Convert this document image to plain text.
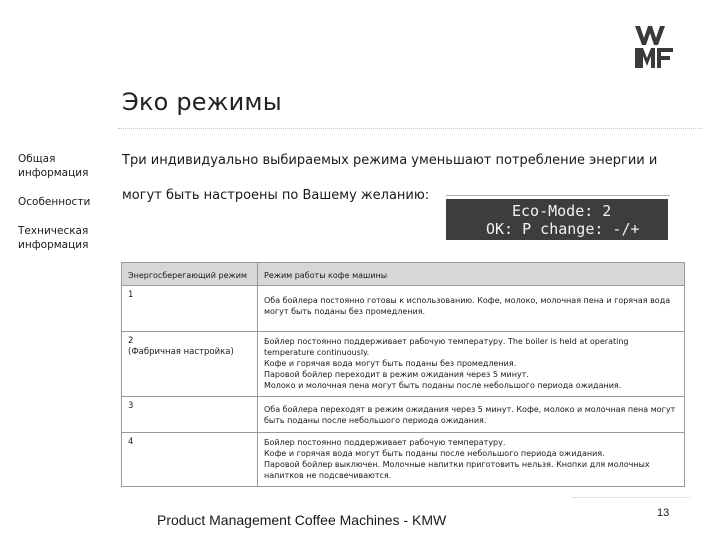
Эко режимы
Общая информация
Особенности
Техническая информация
Три индивидуально выбираемых режима уменьшают потребление энергии и могут быть настроены по Вашему желанию:
Eco-Mode: 2
OK: P change: -/+
Энергосберегающий режим	Режим работы кофе машины

1	Оба бойлера постоянно готовы к использованию. Кофе, молоко, молочная пена и горячая вода могут быть поданы без промедления.

2
(Фабричная настройка)	Бойлер постоянно поддерживает рабочую температуру. The boiler is held at operating temperature continuously.
Кофе и горячая вода могут быть поданы без промедления.
Паровой бойлер переходит в режим ожидания через 5 минут.
Молоко и молочная пена могут быть поданы после небольшого периода ожидания.

3	Оба бойлера переходят в режим ожидания через 5 минут. Кофе, молоко и молочная пена могут быть поданы после небольшого периода ожидания.

4	Бойлер постоянно поддерживает рабочую температуру.
Кофе и горячая вода могут быть поданы после небольшого периода ожидания.
Паровой бойлер выключен. Молочные напитки приготовить нельзя. Кнопки для молочных напитков не подсвечиваются.
Product Management Coffee Machines - KMW	13
